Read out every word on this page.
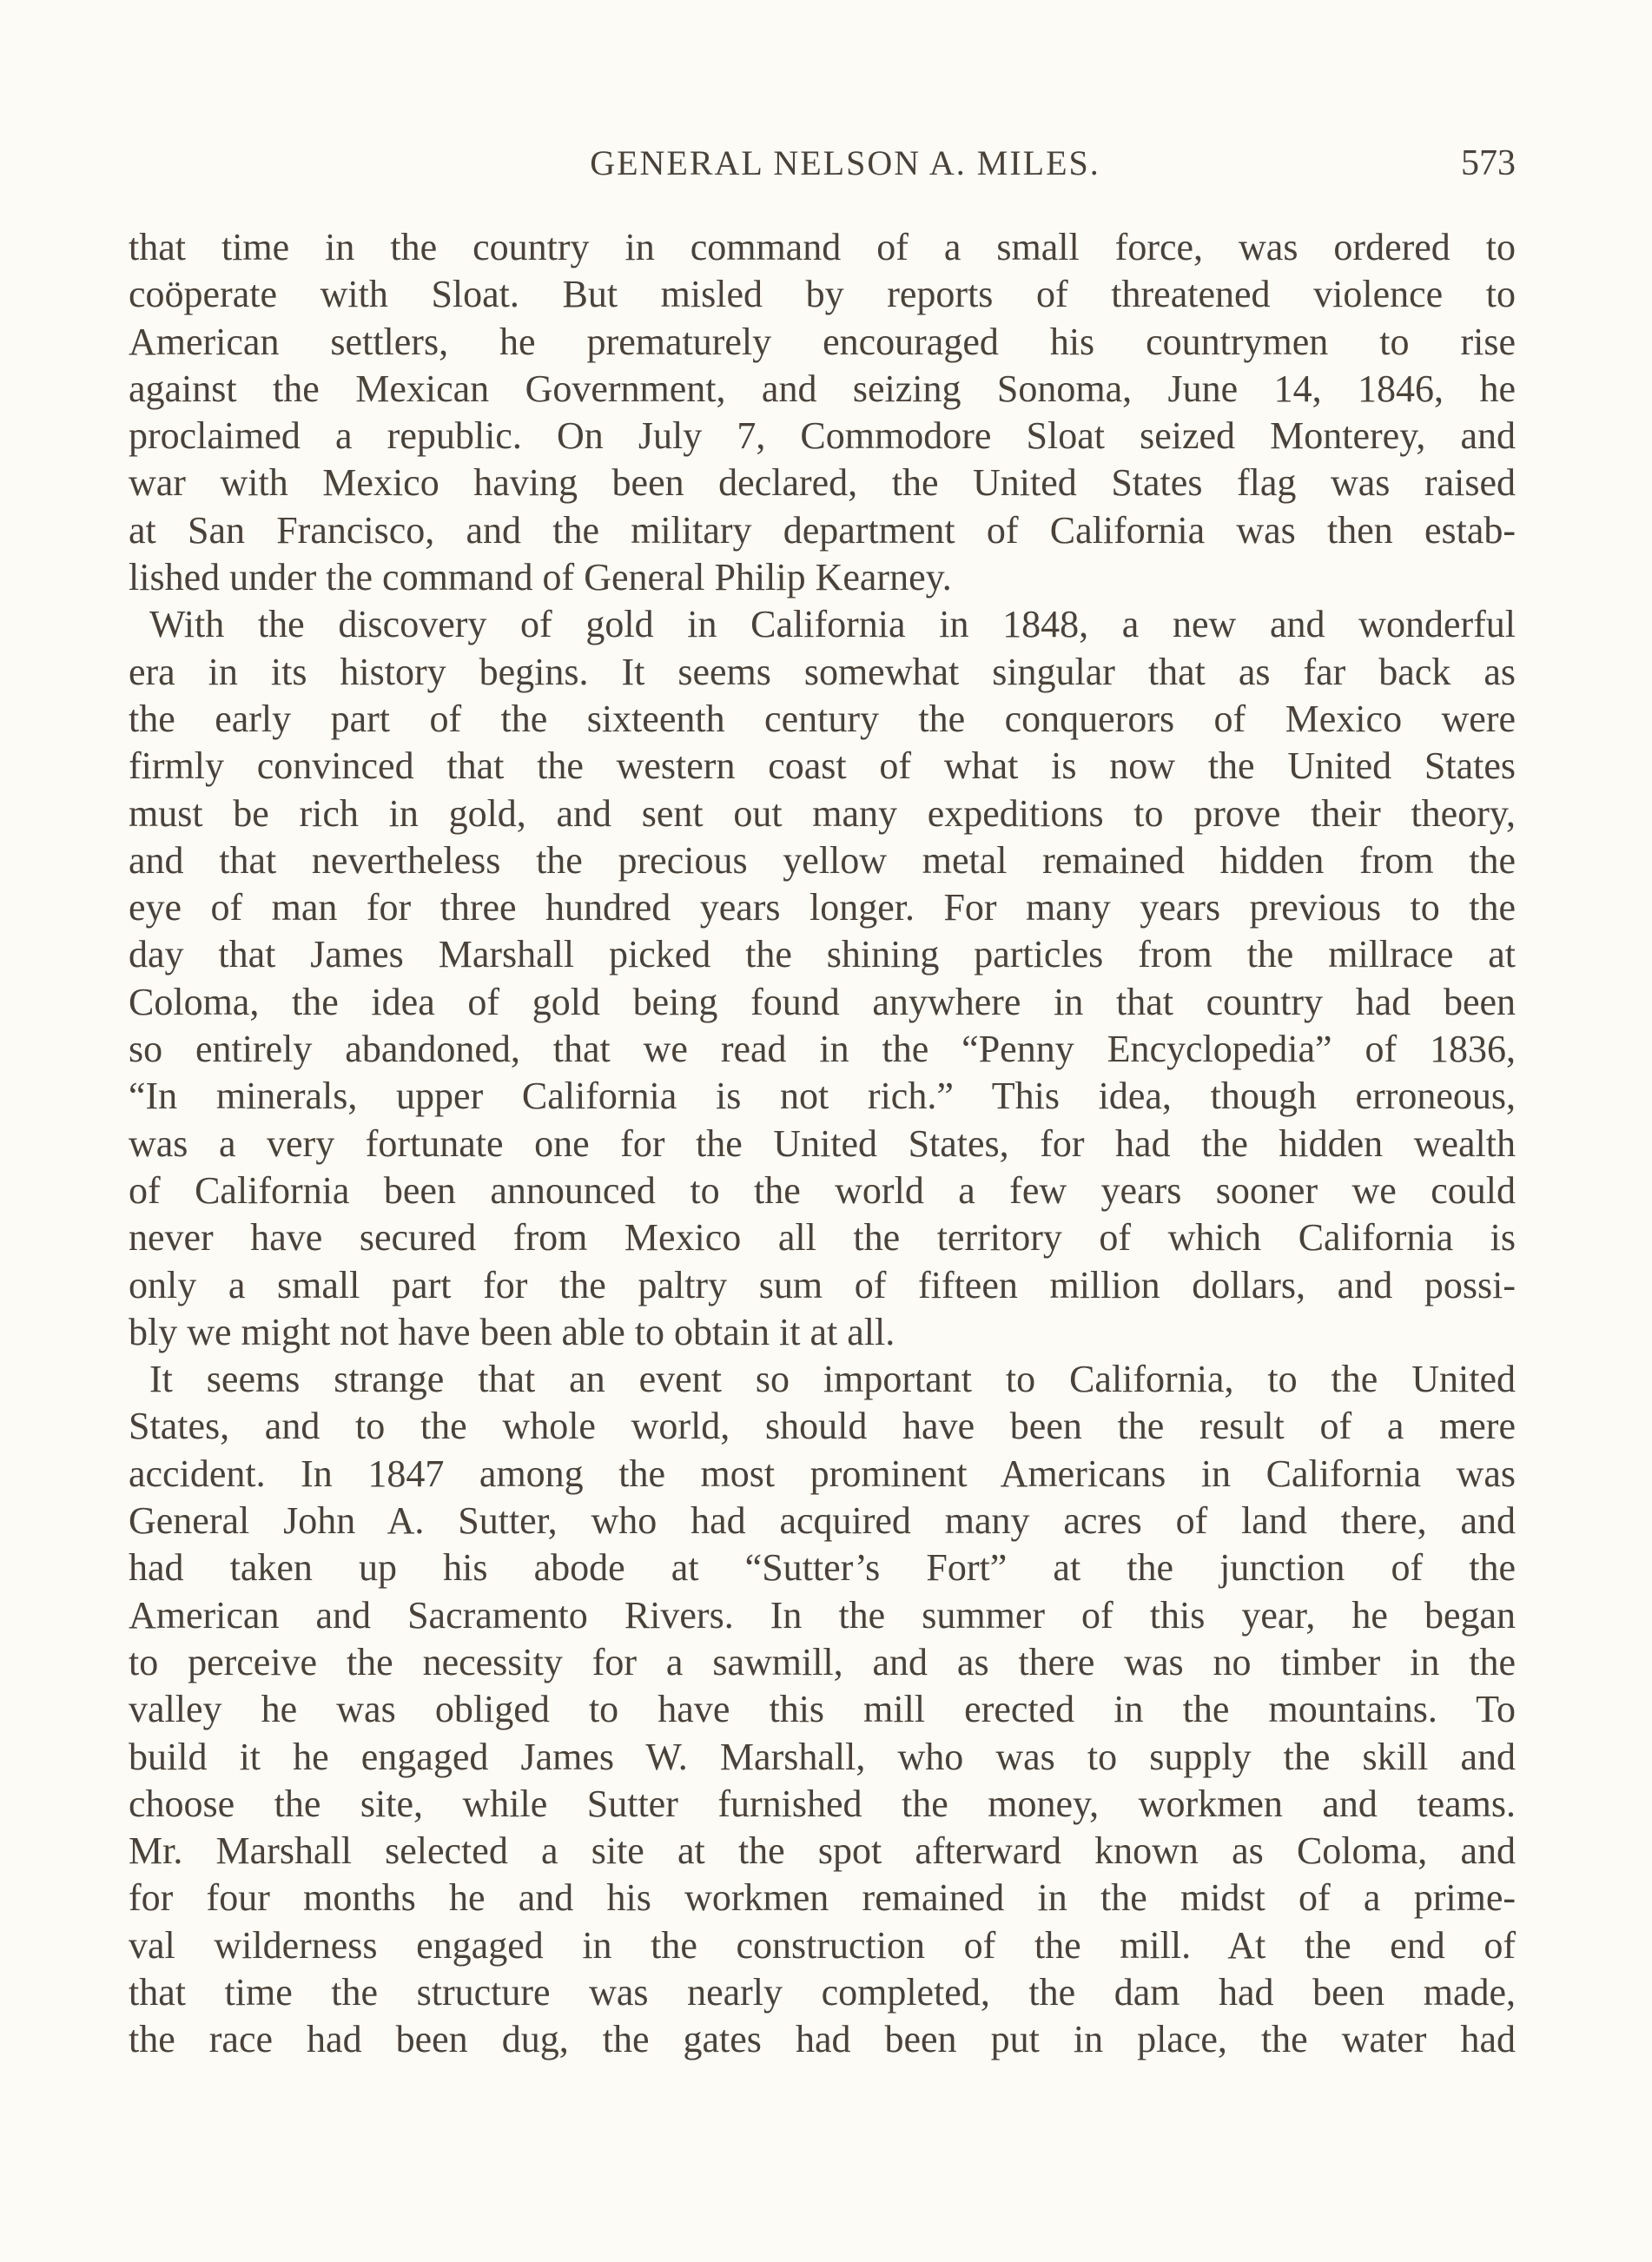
GENERAL NELSON A. MILES.	573
that time in the country in command of a small force, was ordered to
coöperate with Sloat. But misled by reports of threatened violence to
American settlers, he prematurely encouraged his countrymen to rise
against the Mexican Government, and seizing Sonoma, June 14, 1846, he
proclaimed a republic. On July 7, Commodore Sloat seized Monterey, and
war with Mexico having been declared, the United States flag was raised
at San Francisco, and the military department of California was then estab-
lished under the command of General Philip Kearney.
With the discovery of gold in California in 1848, a new and wonderful
era in its history begins. It seems somewhat singular that as far back as
the early part of the sixteenth century the conquerors of Mexico were
firmly convinced that the western coast of what is now the United States
must be rich in gold, and sent out many expeditions to prove their theory,
and that nevertheless the precious yellow metal remained hidden from the
eye of man for three hundred years longer. For many years previous to the
day that James Marshall picked the shining particles from the millrace at
Coloma, the idea of gold being found anywhere in that country had been
so entirely abandoned, that we read in the “Penny Encyclopedia” of 1836,
“In minerals, upper California is not rich.” This idea, though erroneous,
was a very fortunate one for the United States, for had the hidden wealth
of California been announced to the world a few years sooner we could
never have secured from Mexico all the territory of which California is
only a small part for the paltry sum of fifteen million dollars, and possi-
bly we might not have been able to obtain it at all.
It seems strange that an event so important to California, to the United
States, and to the whole world, should have been the result of a mere
accident. In 1847 among the most prominent Americans in California was
General John A. Sutter, who had acquired many acres of land there, and
had taken up his abode at “Sutter’s Fort” at the junction of the
American and Sacramento Rivers. In the summer of this year, he began
to perceive the necessity for a sawmill, and as there was no timber in the
valley he was obliged to have this mill erected in the mountains. To
build it he engaged James W. Marshall, who was to supply the skill and
choose the site, while Sutter furnished the money, workmen and teams.
Mr. Marshall selected a site at the spot afterward known as Coloma, and
for four months he and his workmen remained in the midst of a prime-
val wilderness engaged in the construction of the mill. At the end of
that time the structure was nearly completed, the dam had been made,
the race had been dug, the gates had been put in place, the water had
